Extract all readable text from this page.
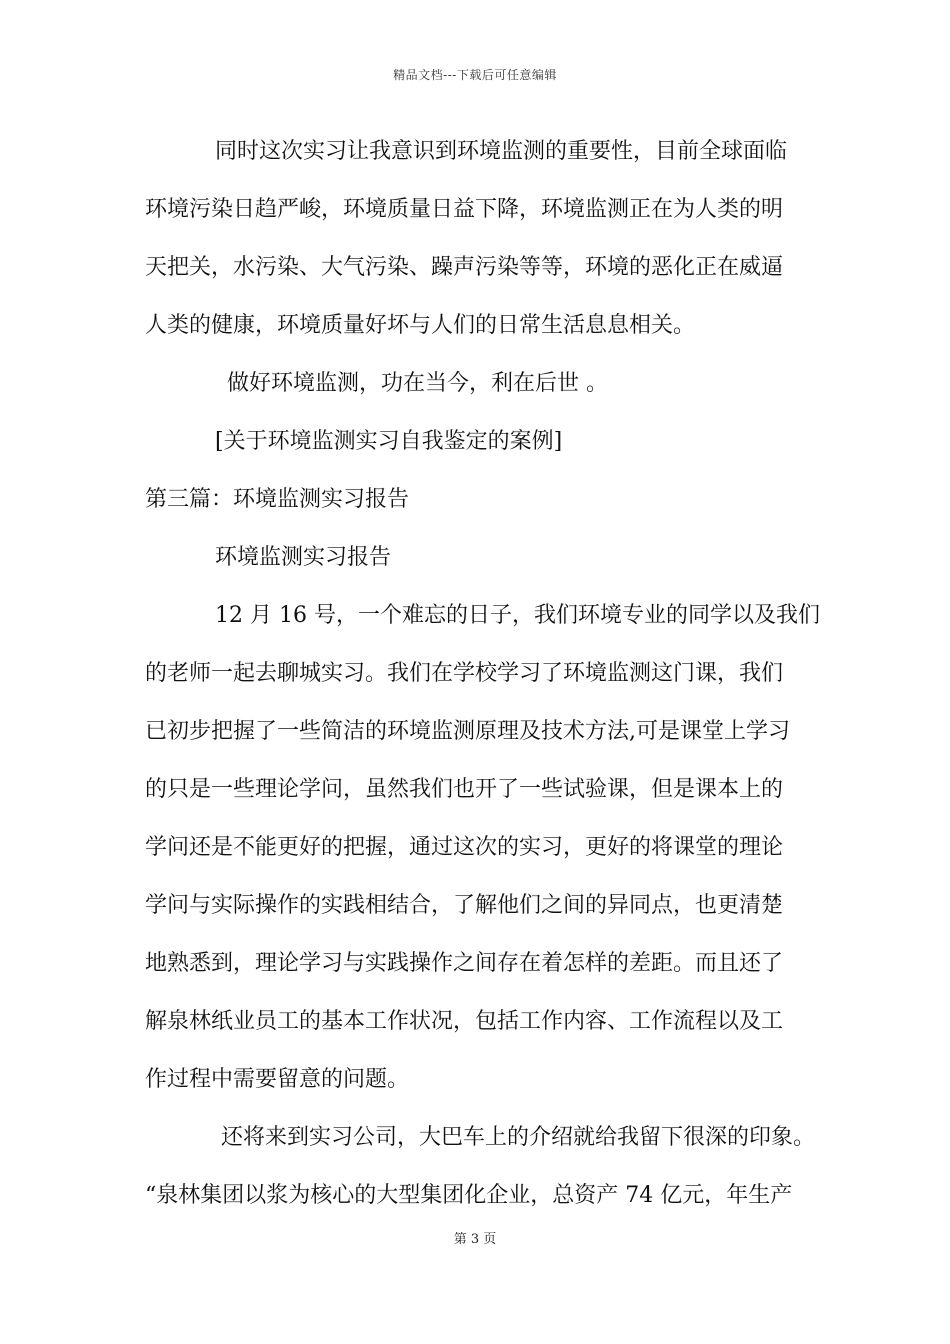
精品文档---下载后可任意编辑
同时这次实习让我意识到环境监测的重要性，目前全球面临
环境污染日趋严峻，环境质量日益下降，环境监测正在为人类的明
天把关，水污染、大气污染、躁声污染等等，环境的恶化正在威逼
人类的健康，环境质量好坏与人们的日常生活息息相关。
做好环境监测，功在当今，利在后世 。
[关于环境监测实习自我鉴定的案例]
第三篇：环境监测实习报告
环境监测实习报告
12 月 16 号，一个难忘的日子，我们环境专业的同学以及我们
的老师一起去聊城实习。我们在学校学习了环境监测这门课，我们
已初步把握了一些简洁的环境监测原理及技术方法,可是课堂上学习
的只是一些理论学问，虽然我们也开了一些试验课，但是课本上的
学问还是不能更好的把握，通过这次的实习，更好的将课堂的理论
学问与实际操作的实践相结合，了解他们之间的异同点，也更清楚
地熟悉到，理论学习与实践操作之间存在着怎样的差距。而且还了
解泉林纸业员工的基本工作状况，包括工作内容、工作流程以及工
作过程中需要留意的问题。
还将来到实习公司，大巴车上的介绍就给我留下很深的印象。
“泉林集团以浆为核心的大型集团化企业，总资产 74 亿元，年生产
第 3 页
